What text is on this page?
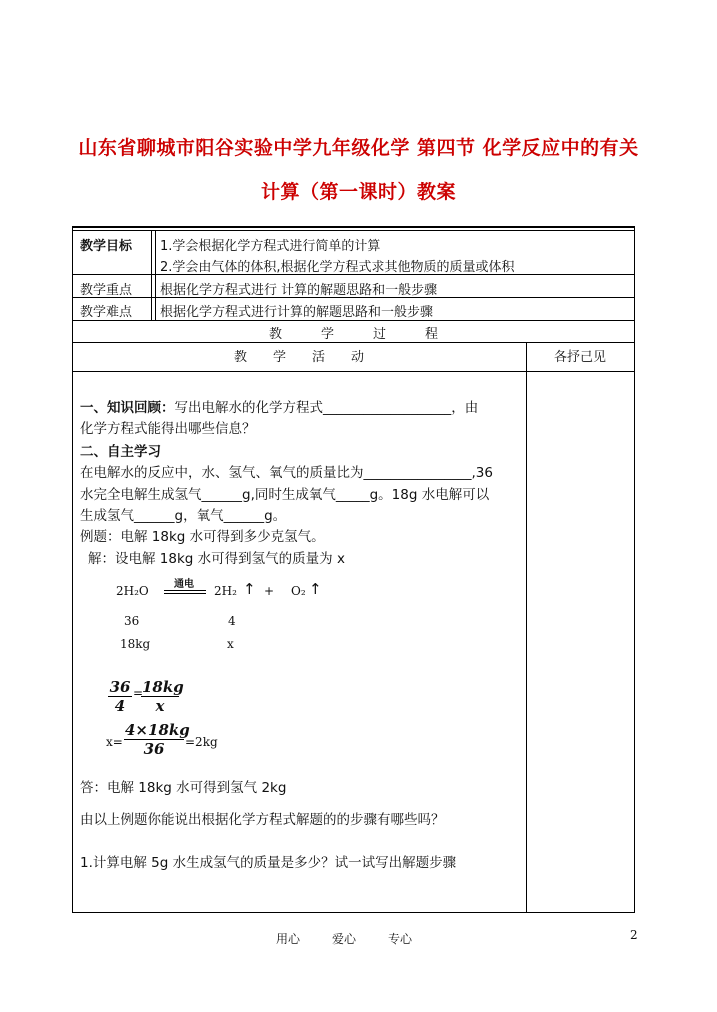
山东省聊城市阳谷实验中学九年级化学 第四节 化学反应中的有关
计算（第一课时）教案
教学目标 1.学会根据化学方程式进行简单的计算
2.学会由气体的体积,根据化学方程式求其他物质的质量或体积
教学重点 根据化学方程式进行 计算的解题思路和一般步骤
教学难点 根据化学方程式进行计算的解题思路和一般步骤
教　　　学　　　过　　　程
教　　学　　活　　动	各抒己见
一、知识回顾：写出电解水的化学方程式___________________，由
化学方程式能得出哪些信息？
二、自主学习
在电解水的反应中，水、氢气、氧气的质量比为________________,36
水完全电解生成氢气______g,同时生成氧气_____g。18g 水电解可以
生成氢气______g，氧气______g。
例题：电解 18kg 水可得到多少克氢气。
解：设电解 18kg 水可得到氢气的质量为 x
2H₂O	通电 2H₂ ↑ + O₂ ↑
36	4
18kg	x
$\frac{36}{4}$ =
$\frac{18kg}{x}$
$x= \frac{4\times 18kg}{36} =2kg$
答：电解 18kg 水可得到氢气 2kg
由以上例题你能说出根据化学方程式解题的的步骤有哪些吗？
1.计算电解 5g 水生成氢气的质量是多少？试一试写出解题步骤
用心	爱心	专心	2
